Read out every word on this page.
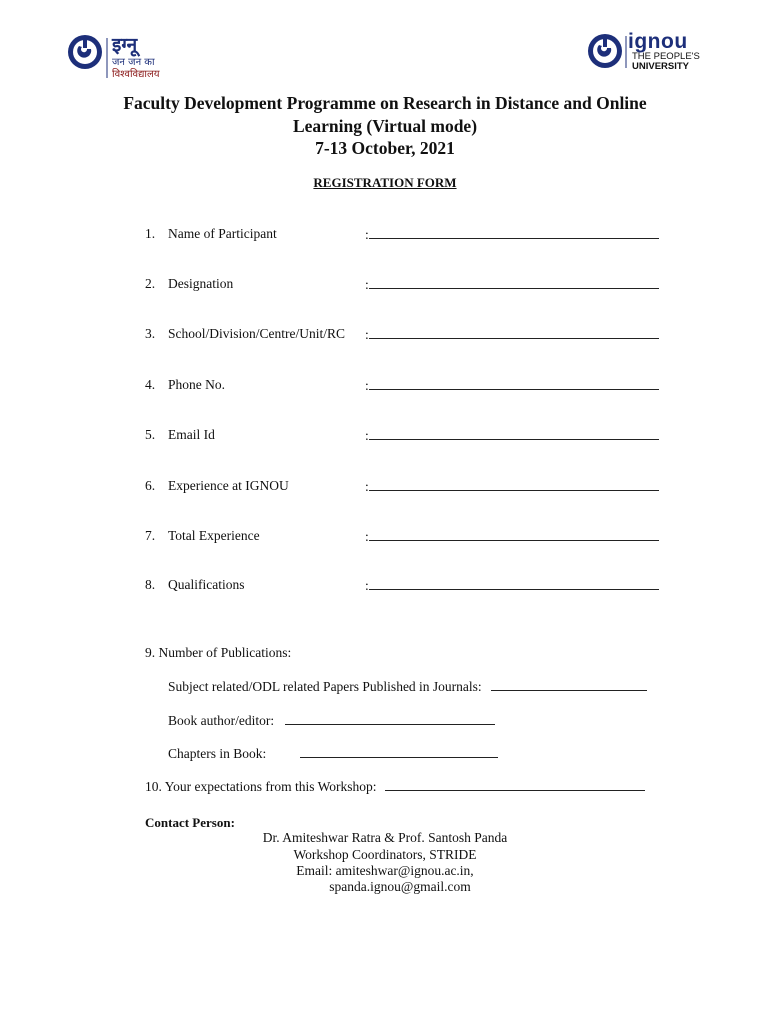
इग्नू
जन जन का
विश्वविद्यालय
ignou
THE PEOPLE'S
UNIVERSITY
Faculty Development Programme on Research in Distance and Online
Learning (Virtual mode)
7-13 October, 2021
REGISTRATION FORM
1. Name of Participant	:
2. Designation	:
3. School/Division/Centre/Unit/RC :
4. Phone No.	:
5. Email Id	:
6. Experience at IGNOU	:
7. Total Experience	:
8. Qualifications	:
9. Number of Publications:
Subject related/ODL related Papers Published in Journals:
Book author/editor:
Chapters in Book:
10. Your expectations from this Workshop:
Contact Person:
Dr. Amiteshwar Ratra & Prof. Santosh Panda
Workshop Coordinators, STRIDE
Email: amiteshwar@ignou.ac.in,
spanda.ignou@gmail.com
